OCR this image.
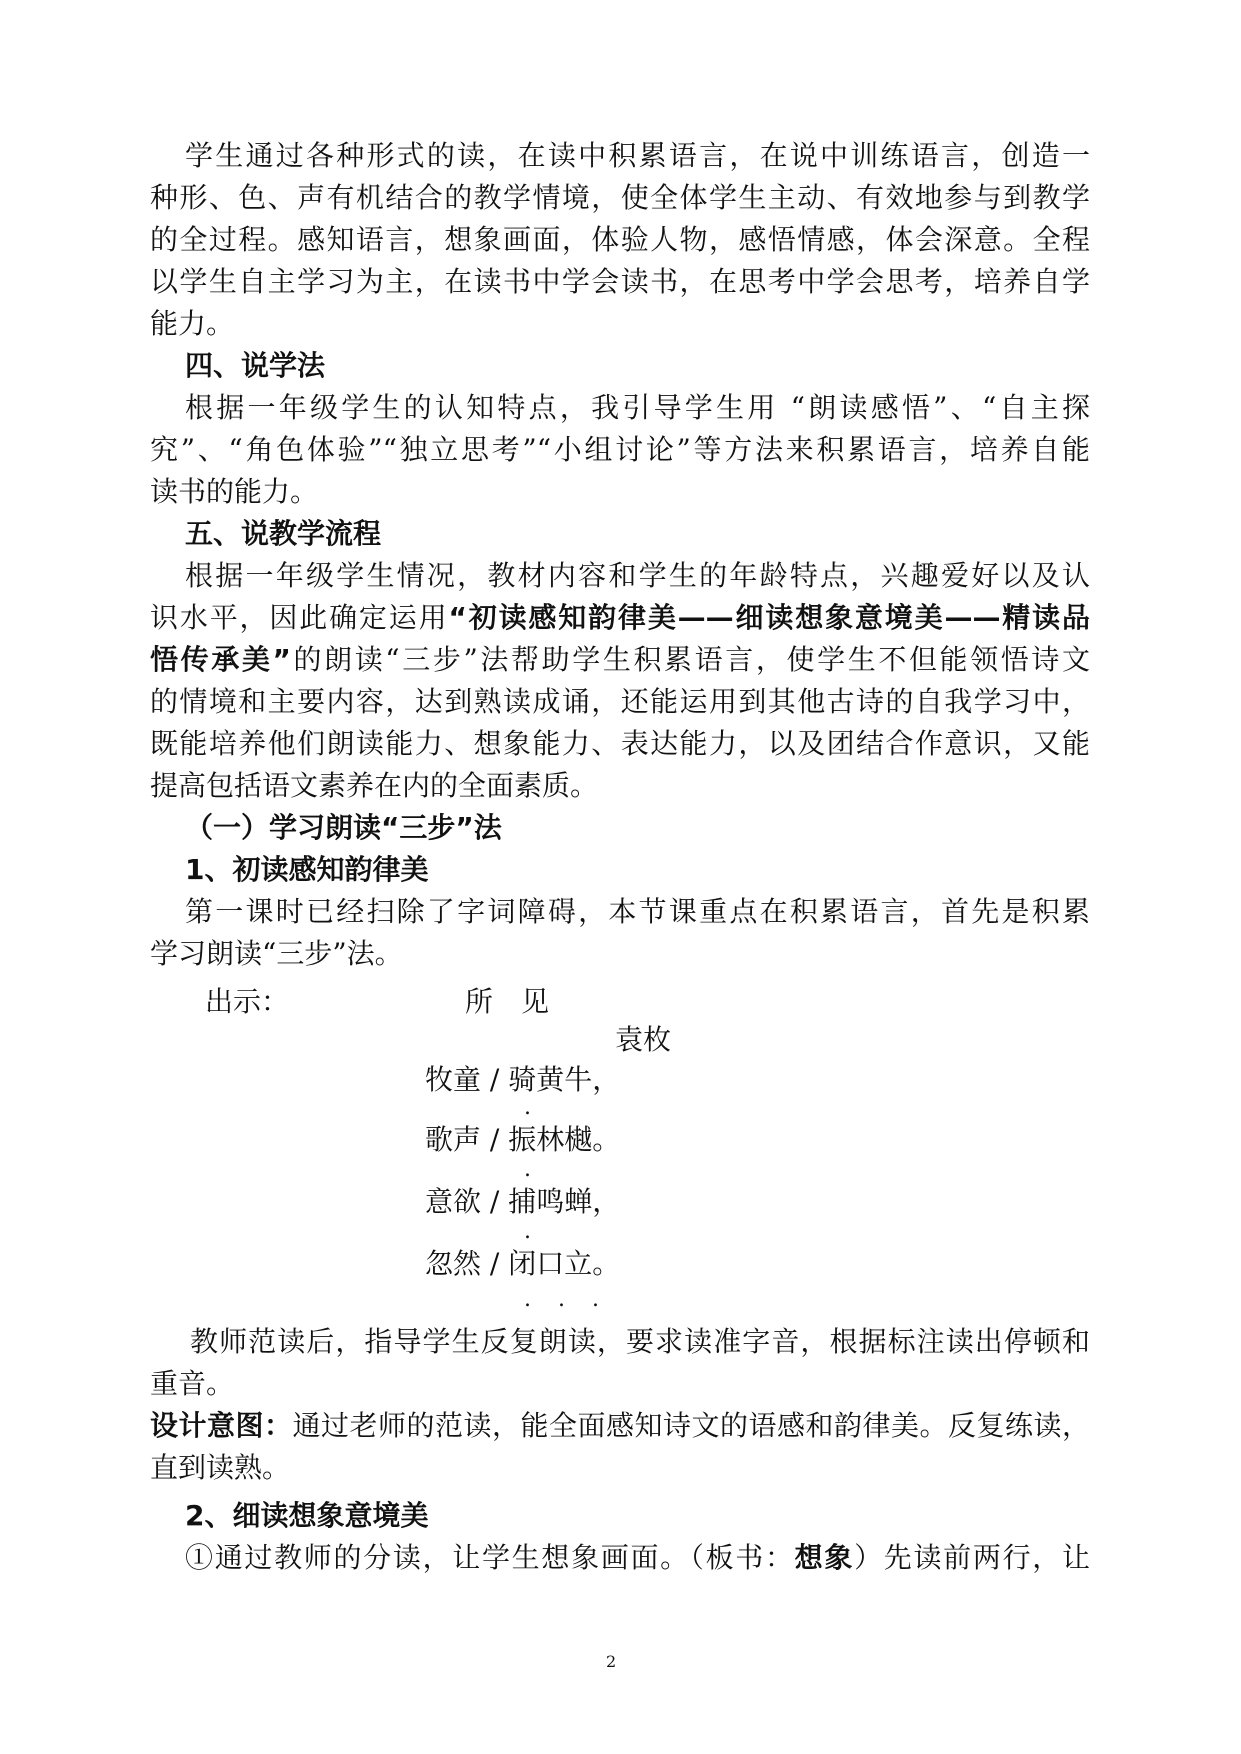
学生通过各种形式的读，在读中积累语言，在说中训练语言，创造一
种形、色、声有机结合的教学情境，使全体学生主动、有效地参与到教学
的全过程。感知语言，想象画面，体验人物，感悟情感，体会深意。全程
以学生自主学习为主，在读书中学会读书，在思考中学会思考，培养自学
能力。
四、说学法
根据一年级学生的认知特点，我引导学生用 “朗读感悟”、“自主探
究”、“角色体验”“独立思考”“小组讨论”等方法来积累语言，培养自能
读书的能力。
五、说教学流程
根据一年级学生情况，教材内容和学生的年龄特点，兴趣爱好以及认
识水平，因此确定运用“初读感知韵律美——细读想象意境美——精读品
悟传承美”的朗读“三步”法帮助学生积累语言，使学生不但能领悟诗文
的情境和主要内容，达到熟读成诵，还能运用到其他古诗的自我学习中，
既能培养他们朗读能力、想象能力、表达能力，以及团结合作意识，又能
提高包括语文素养在内的全面素质。
（一）学习朗读“三步”法
1、初读感知韵律美
第一课时已经扫除了字词障碍，本节课重点在积累语言，首先是积累
学习朗读“三步”法。
出示：	所　见
袁枚
牧童 / 骑黄牛，
.
歌声 / 振林樾。
.
意欲 / 捕鸣蝉，
.
忽然 / 闭口立。
. . .
教师范读后，指导学生反复朗读，要求读准字音，根据标注读出停顿和
重音。
设计意图：通过老师的范读，能全面感知诗文的语感和韵律美。反复练读，
直到读熟。
2、细读想象意境美
①通过教师的分读，让学生想象画面。（板书：想象）先读前两行，让
2
